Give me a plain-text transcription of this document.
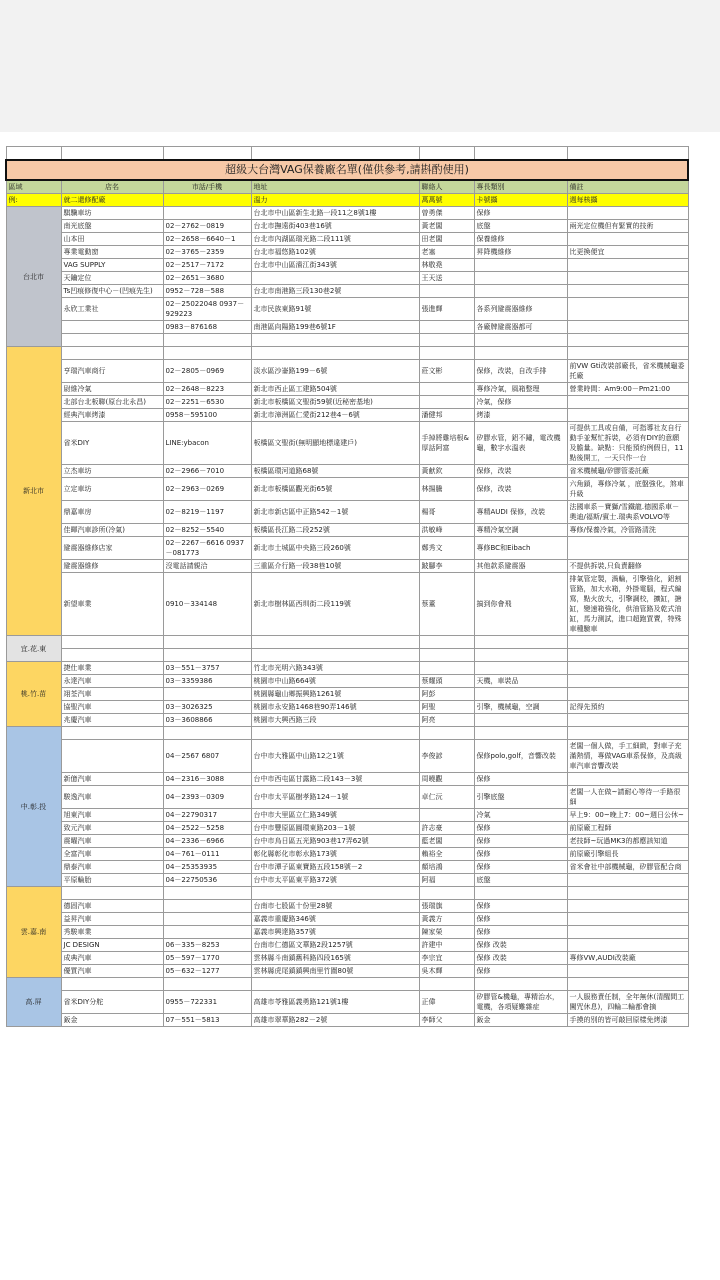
超級大台灣VAG保養廠名單(僅供參考,請斟酌使用)						
區域	店名	市話/手機	地址	聯絡人	專長類別	備註
例:	就二還修配廠		溫力	萬萬號	卡號攝	週每核攝
台北市	騏驥車坊		台北市中山區新生北路一段11之8號1樓	曾勇傑	保修	
	南光底盤	02－2762－0819	台北市撫遠街403巷16號	黃老闆	底盤	兩光定位機但有緊實的技術
	山本田	02－2658－6640－1	台北市內湖區瑞光路二段111號	田老闆	保養維修	
	專業電動窗	02－3765－2359	台北市福悠路102號	老塞	昇降機維修	比更換便宜
	VAG SUPPLY	02－2517－7172	台北市中山區濱江街343號	林敬堯		
	天鑰定位	02－2651－3680		王天送		
	Ts凹痕修復中心－(凹痕先生)	0952－728－588	台北市南港路三段130巷2號			
	永欣工業社	02－25022048 0937－929223	北市民族東路91號	張進輝	各系列避震器維修	
		0983－876168	南港區向陽路199巷6號1F		各廠牌避震器都可	

新北市						
	亨瑞汽車商行	02－2805－0969	淡水區沙崙路199－6號	莊文彬	保修，改裝，自改手排	前VW Gti改裝部廠長，省米機械龜委托廠
	尉維冷氣	02－2648－8223	新北市西止區工建路504號		專修冷氣，風箱整理	營業時間：Am9:00－Pm21:00
	北部台北板聯(原台北永昌)	02－2251－6530	新北市板橋區文聖街59號(近秘密基地)		冷氣，保修	
	經典汽車烤漆	0958－595100	新北市漳洲區仁愛街212巷4－6號	潘健邦	烤漆	
	省米DIY	LINE:ybacon	板橋區文聖街(無明顯地標違建戶)	手掉將雞培根&厚話阿富	矽膠水管，鋁不鏽，電改機龜，數字水溫表	可提供工具或自備，可指導社友自行動手並幫忙拆裝，必須有DIY的意願及膽量。缺點：只能預約例假日，11點後開工，一天只作一台
	立杰車坊	02－2966－7010	板橋區環河道路68號	黃献欽	保修，改裝	省米機械龜/矽膠管委託廠
	立定車坊	02－2963－0269	新北市板橋區觀光街65號	林揚騰	保修，改裝	六角鎖，專修冷氣 ，底盤強化，煞車升級
	鼎嘉車房	02－8219－1197	新北市新店區中正路542－1號	楊哥	專精AUDI 保修，改裝	法國車系－寶獅/雪鐵龍.德國系車－奧迪/福斯/賓士.瑞典系VOLVO等
	佳暉汽車診所(冷氣)	02－8252－5540	板橋區長江路二段252號	洪敏峰	專精冷氣空調	專修/保養冷氣，冷管路清洗
	避震器維修店家	02－2267－6616 0937－081773	新北市土城區中央路三段260號	鄭秀文	專修BC和Eibach	
	避震器維修	沒電話請親洽	三重區介行路一段38巷10號	跛腳李	其他款系避震器	不提供拆裝,只負責翻修
	新望車業	0910－334148	新北市樹林區西圳街二段119號	蔡董	搞到你會飛	排氣管定製，渦輪，引擎強化，鋁割管路，加大水箱，外掛電腦，程式編寫，點火放大，引擎調校，擴缸，搪缸，變速箱強化，供油管路及乾式油缸，馬力測試，進口超跑買賣，特殊車種驗車
宜.花.東						

桃.竹.苗	捷仕車業	03－551－3757	竹北市光明六路343號			
	永達汽車	03－3359386	桃園市中山路664號	蔡耀頭	天機，車裝品	
	翊荃汽車		桃園縣龜山鄉振興路1261號	阿彭		
	協聖汽車	03－3026325	桃園市永安路1468巷90弄146號	阿聖	引擎，機械龜，空調	記得先預約
	兆慶汽車	03－3608866	桃園市大興西路三段	阿亮		
中.彰.投						
		04－2567 6807	台中市大雅區中山路12之1號	李俊諺	保修polo,golf，音響改裝	老闆一個人做，手工細緻，對車子充滿熱情，專做VAG車系保修，及高級車汽車音響改裝
	新億汽車	04－2316－3088	台中市西屯區甘露路二段143－3號	周曉觀	保修	
	駿逸汽車	04－2393－0309	台中市太平區樹孝路124－1號	卓仁沅	引擎底盤	老闆一人在做~請耐心等待一手路很細
	旭東汽車	04－22790317	台中市大里區立仁路349號		冷氣	早上9：00~晚上7：00~週日公休~
	致元汽車	04－2522－5258	台中市豐原區圓環東路203－1號	許志豪	保修	前原廠工程師
	震曜汽車	04－2336－6966	台中市烏日區五光路903巷17弄62號	藍老闆	保修	老技師~玩過MK3的都應該知道
	全富汽車	04－761－0111	彰化縣彰化市彰水路173號	賴裕全	保修	前原廠引擎組長
	鼎泰汽車	04－25353935	台中市潭子區東寶路五段158號－2	顏培鴻	保修	省米會社中部機械龜，矽膠管配合商
	平原輪胎	04－22750536	台中市太平區東平路372號	阿福	底盤	
雲.嘉.南						
	德固汽車		台南市七股區十份里28號	張瑞旗	保修	
	益昇汽車		嘉義市重慶路346號	黃義方	保修	
	秀駿車業		嘉義市興達路357號	陳家榮	保修	
	JC DESIGN	06－335－8253	台南市仁德區文華路2段1257號	許建中	保修 改裝	
	成典汽車	05－597－1770	雲林縣斗南鎮舊科路四段165號	李宗宜	保修 改裝	專修VW,AUDI改裝廠
	優質汽車	05－632－1277	雲林縣虎尾鎮鎮興南里竹圍80號	吳木輝	保修	
高.屏						
	省米DIY分舵	0955－722331	高雄市苓雅區義勇路121號1樓	正偉	矽膠管&機龜，專精治水，電機，各項疑難雜症	一人服務責任制，全年無休(清醒間工闖咒休息)，四輪二輪都會摘
	鈑金	07－551－5813	高雄市翠華路282－2號	李師父	鈑金	手摸的別的皆可敲回原樣免烤漆
